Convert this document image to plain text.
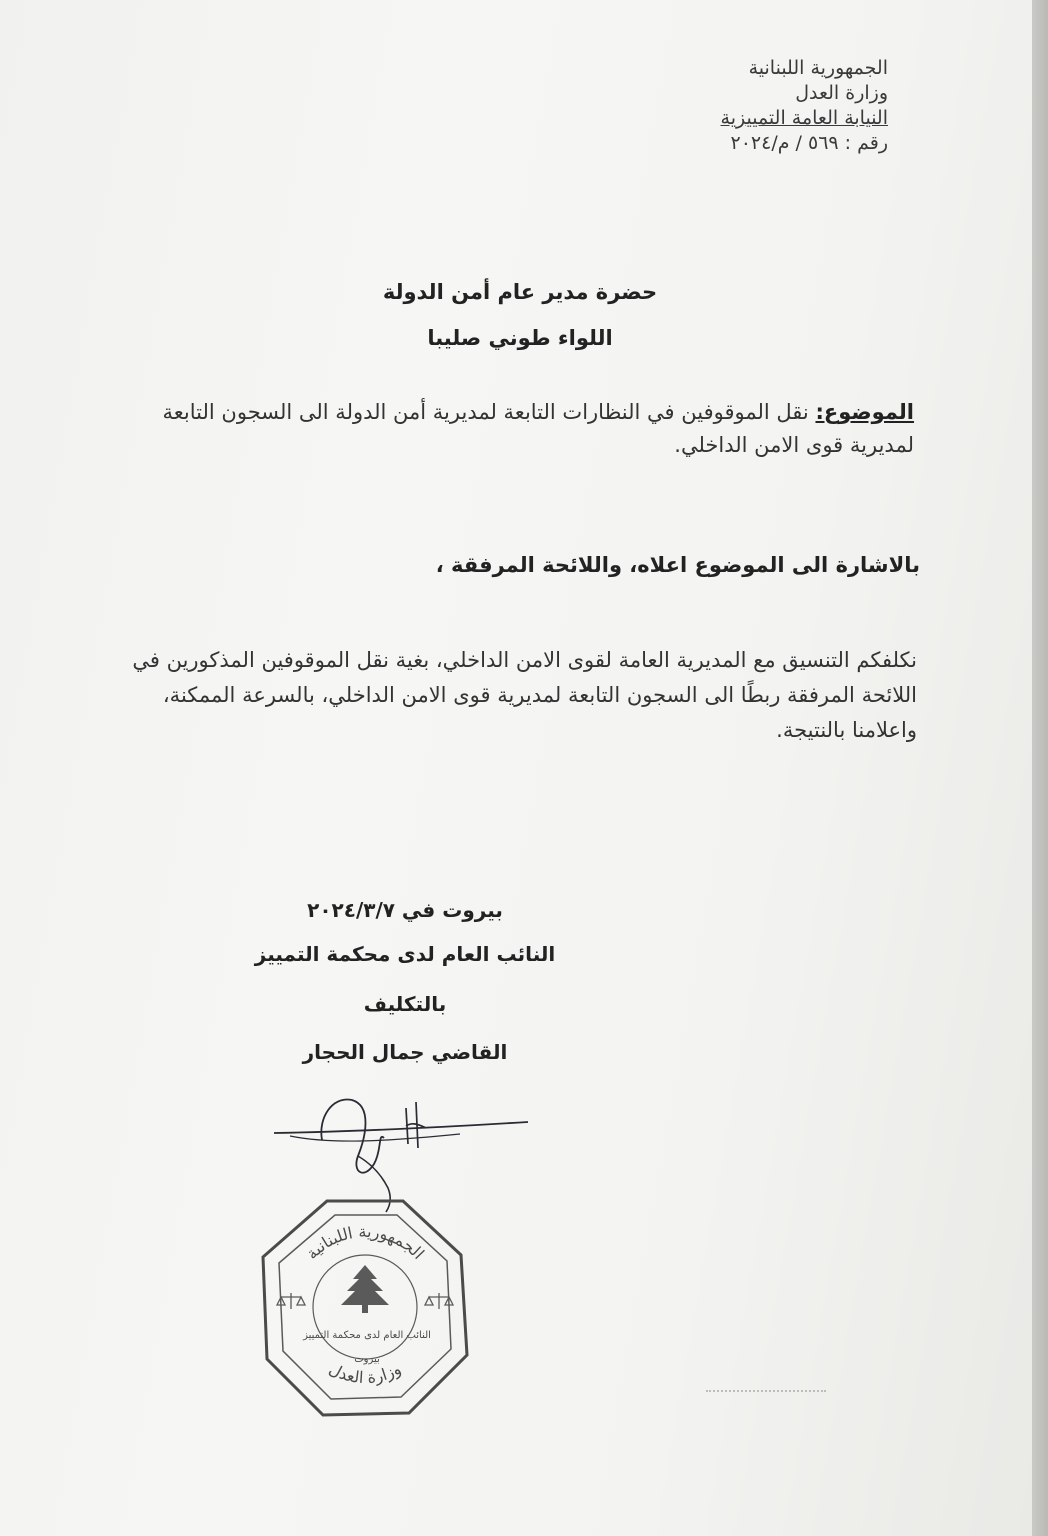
الجمهورية اللبنانية
وزارة العدل
النيابة العامة التمييزية
رقم : ٥٦٩ / م/٢٠٢٤
حضرة مدير عام أمن الدولة
اللواء طوني صليبا
الموضوع: نقل الموقوفين في النظارات التابعة لمديرية أمن الدولة الى السجون التابعة لمديرية قوى الامن الداخلي.
بالاشارة الى الموضوع اعلاه، واللائحة المرفقة ،
نكلفكم التنسيق مع المديرية العامة لقوى الامن الداخلي، بغية نقل الموقوفين المذكورين في اللائحة المرفقة ربطًا الى السجون التابعة لمديرية قوى الامن الداخلي، بالسرعة الممكنة، واعلامنا بالنتيجة.
بيروت في ٢٠٢٤/٣/٧
النائب العام لدى محكمة التمييز
بالتكليف
القاضي جمال الحجار
الجمهورية اللبنانية
وزارة العدل
النائب العام لدى محكمة التمييز
بيروت
